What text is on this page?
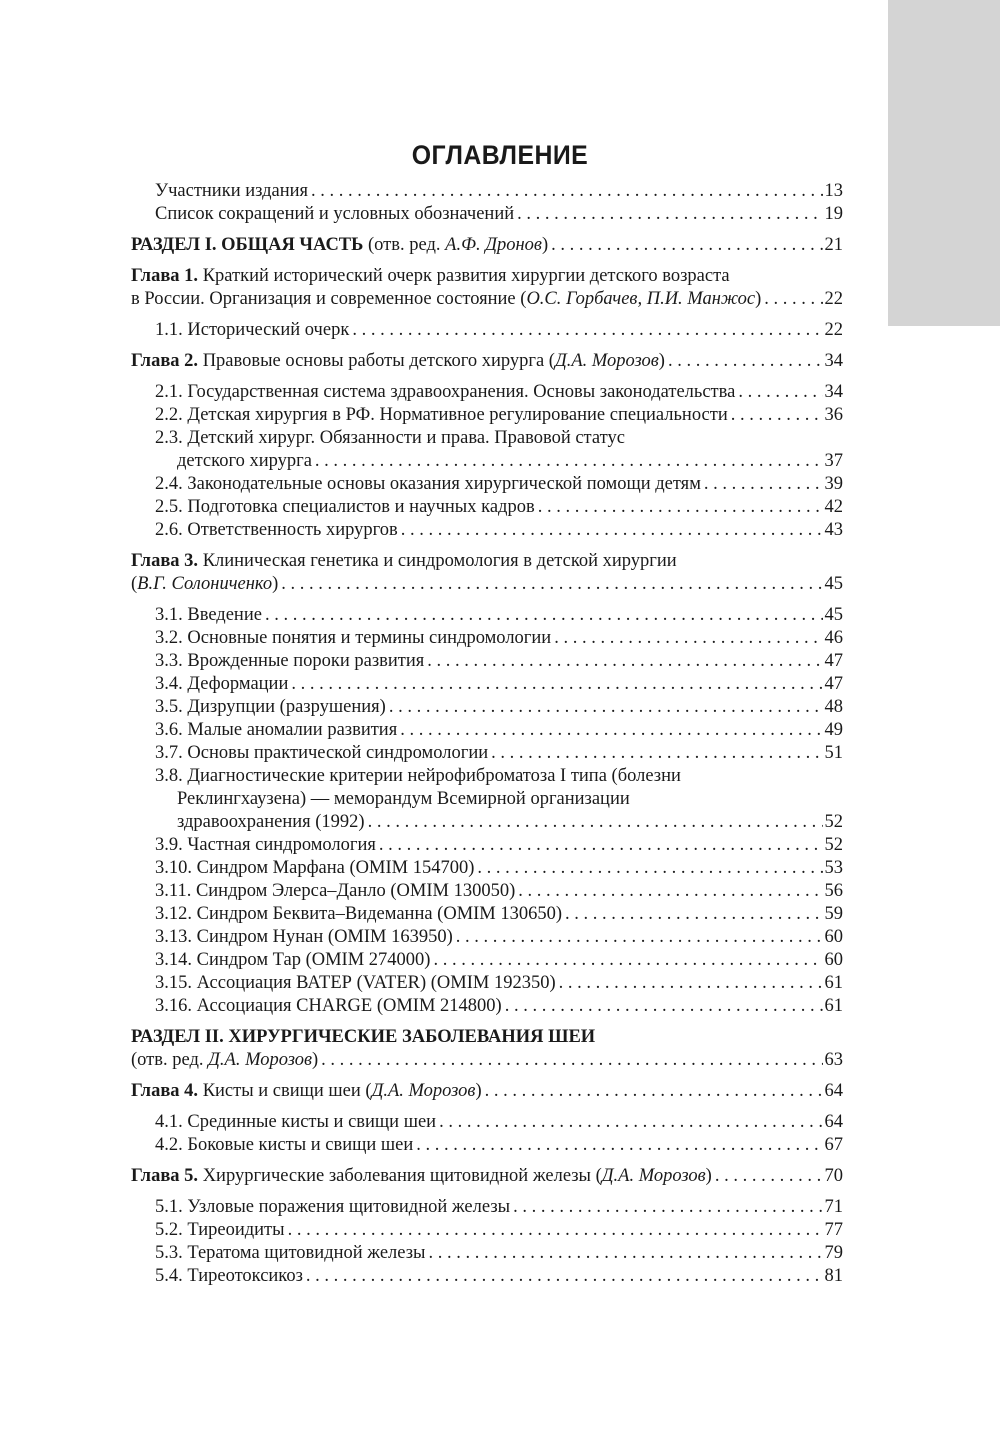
ОГЛАВЛЕНИЕ
Участники издания . . .	13
Список сокращений и условных обозначений . . .	19
РАЗДЕЛ I. ОБЩАЯ ЧАСТЬ (отв. ред. А.Ф. Дронов) . . .	21
Глава 1. Краткий исторический очерк развития хирургии детского возраста
в России. Организация и современное состояние (О.С. Горбачев, П.И. Манжос) . . .	22
1.1. Исторический очерк . . .	22
Глава 2. Правовые основы работы детского хирурга (Д.А. Морозов) . . .	34
2.1. Государственная система здравоохранения. Основы законодательства . . .	34
2.2. Детская хирургия в РФ. Нормативное регулирование специальности . . .	36
2.3. Детский хирург. Обязанности и права. Правовой статус
детского хирурга . . .	37
2.4. Законодательные основы оказания хирургической помощи детям . . .	39
2.5. Подготовка специалистов и научных кадров . . .	42
2.6. Ответственность хирургов . . .	43
Глава 3. Клиническая генетика и синдромология в детской хирургии
(В.Г. Солониченко) . . .	45
3.1. Введение . . .	45
3.2. Основные понятия и термины синдромологии . . .	46
3.3. Врожденные пороки развития . . .	47
3.4. Деформации . . .	47
3.5. Дизрупции (разрушения) . . .	48
3.6. Малые аномалии развития . . .	49
3.7. Основы практической синдромологии . . .	51
3.8. Диагностические критерии нейрофиброматоза I типа (болезни
Реклингхаузена) — меморандум Всемирной организации
здравоохранения (1992) . . .	52
3.9. Частная синдромология . . .	52
3.10. Синдром Марфана (OMIM 154700) . . .	53
3.11. Синдром Элерса–Данло (OMIM 130050) . . .	56
3.12. Синдром Беквита–Видеманна (OMIM 130650) . . .	59
3.13. Синдром Нунан (OMIM 163950) . . .	60
3.14. Синдром Тар (OMIM 274000) . . .	60
3.15. Ассоциация ВАТЕР (VATER) (OMIM 192350) . . .	61
3.16. Ассоциация CHARGE (OMIM 214800) . . .	61
РАЗДЕЛ II. ХИРУРГИЧЕСКИЕ ЗАБОЛЕВАНИЯ ШЕИ
(отв. ред. Д.А. Морозов) . . .	63
Глава 4. Кисты и свищи шеи (Д.А. Морозов) . . .	64
4.1. Срединные кисты и свищи шеи . . .	64
4.2. Боковые кисты и свищи шеи . . .	67
Глава 5. Хирургические заболевания щитовидной железы (Д.А. Морозов) . . .	70
5.1. Узловые поражения щитовидной железы . . .	71
5.2. Тиреоидиты . . .	77
5.3. Тератома щитовидной железы . . .	79
5.4. Тиреотоксикоз . . .	81
